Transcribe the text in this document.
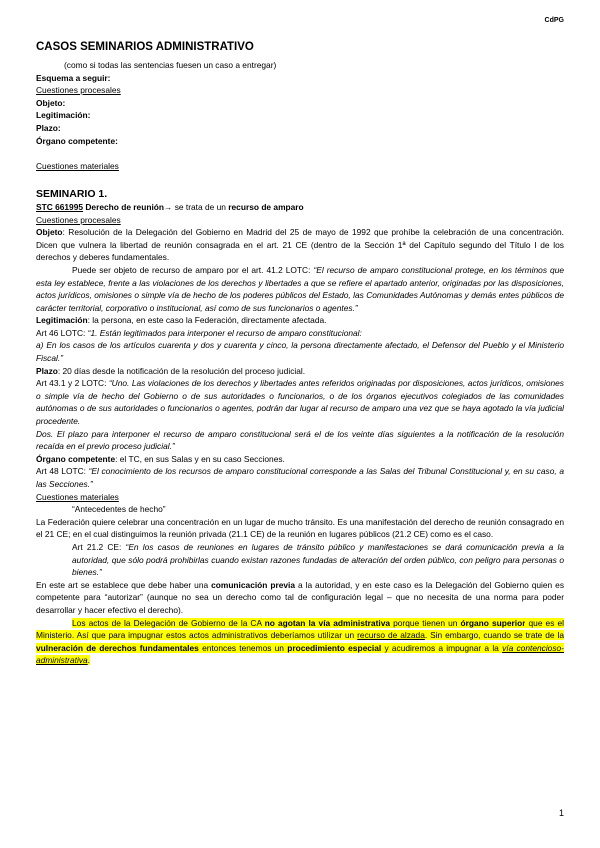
CdPG
CASOS SEMINARIOS ADMINISTRATIVO

(como si todas las sentencias fuesen un caso a entregar)

Esquema a seguir:

Cuestiones procesales

Objeto:

Legitimación:

Plazo:

Órgano competente:

Cuestiones materiales

SEMINARIO 1.

STC 661995 Derecho de reunión→ se trata de un recurso de amparo

Cuestiones procesales

Objeto: Resolución de la Delegación del Gobierno en Madrid del 25 de mayo de 1992 que prohíbe la celebración de una concentración. Dicen que vulnera la libertad de reunión consagrada en el art. 21 CE (dentro de la Sección 1ª del Capítulo segundo del Título I de los derechos y deberes fundamentales.

Puede ser objeto de recurso de amparo por el art. 41.2 LOTC: “El recurso de amparo constitucional protege, en los términos que esta ley establece, frente a las violaciones de los derechos y libertades a que se refiere el apartado anterior, originadas por las disposiciones, actos jurídicos, omisiones o simple vía de hecho de los poderes públicos del Estado, las Comunidades Autónomas y demás entes públicos de carácter territorial, corporativo o institucional, así como de sus funcionarios o agentes.”

Legitimación: la persona, en este caso la Federación, directamente afectada.

Art 46 LOTC: “1. Están legitimados para interponer el recurso de amparo constitucional:

a) En los casos de los artículos cuarenta y dos y cuarenta y cinco, la persona directamente afectado, el Defensor del Pueblo y el Ministerio Fiscal.”

Plazo: 20 días desde la notificación de la resolución del proceso judicial.

Art 43.1 y 2 LOTC: “Uno. Las violaciones de los derechos y libertades antes referidos originadas por disposiciones, actos jurídicos, omisiones o simple vía de hecho del Gobierno o de sus autoridades o funcionarios, o de los órganos ejecutivos colegiados de las comunidades autónomas o de sus autoridades o funcionarios o agentes, podrán dar lugar al recurso de amparo una vez que se haya agotado la vía judicial procedente.

Dos. El plazo para interponer el recurso de amparo constitucional será el de los veinte días siguientes a la notificación de la resolución recaída en el previo proceso judicial.”

Órgano competente: el TC, en sus Salas y en su caso Secciones.

Art 48 LOTC: “El conocimiento de los recursos de amparo constitucional corresponde a las Salas del Tribunal Constitucional y, en su caso, a las Secciones.”

Cuestiones materiales

“Antecedentes de hecho”

La Federación quiere celebrar una concentración en un lugar de mucho tránsito. Es una manifestación del derecho de reunión consagrado en el 21 CE; en el cual distinguimos la reunión privada (21.1 CE) de la reunión en lugares públicos (21.2 CE) como es el caso.

Art 21.2 CE: “En los casos de reuniones en lugares de tránsito público y manifestaciones se dará comunicación previa a la autoridad, que sólo podrá prohibirlas cuando existan razones fundadas de alteración del orden público, con peligro para personas o bienes.”

En este art se establece que debe haber una comunicación previa a la autoridad, y en este caso es la Delegación del Gobierno quien es competente para “autorizar” (aunque no sea un derecho como tal de configuración legal – que no necesita de una norma para poder desarrollar y hacer efectivo el derecho).

Los actos de la Delegación de Gobierno de la CA no agotan la vía administrativa porque tienen un órgano superior que es el Ministerio. Así que para impugnar estos actos administrativos deberíamos utilizar un recurso de alzada. Sin embargo, cuando se trate de la vulneración de derechos fundamentales entonces tenemos un procedimiento especial y acudiremos a impugnar a la vía contencioso-administrativa.

1
